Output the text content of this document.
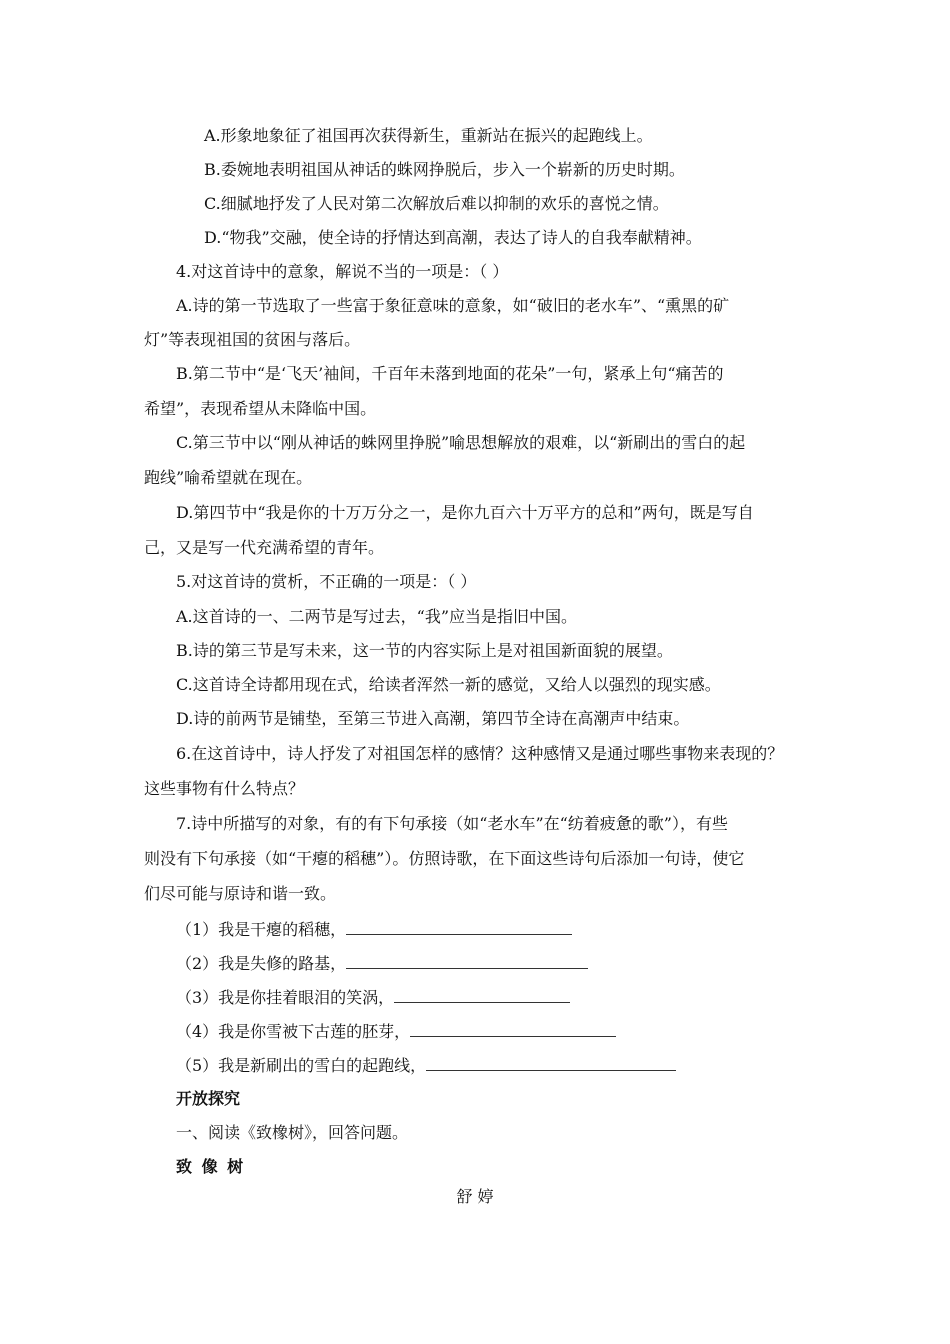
A.形象地象征了祖国再次获得新生，重新站在振兴的起跑线上。
B.委婉地表明祖国从神话的蛛网挣脱后，步入一个崭新的历史时期。
C.细腻地抒发了人民对第二次解放后难以抑制的欢乐的喜悦之情。
D.“物我”交融，使全诗的抒情达到高潮，表达了诗人的自我奉献精神。
4.对这首诗中的意象，解说不当的一项是：（ ）
A.诗的第一节选取了一些富于象征意味的意象，如“破旧的老水车”、“熏黑的矿
灯”等表现祖国的贫困与落后。
B.第二节中“是‘飞天’袖间，千百年未落到地面的花朵”一句，紧承上句“痛苦的
希望”，表现希望从未降临中国。
C.第三节中以“刚从神话的蛛网里挣脱”喻思想解放的艰难，以“新刷出的雪白的起
跑线”喻希望就在现在。
D.第四节中“我是你的十万万分之一，是你九百六十万平方的总和”两句，既是写自
己，又是写一代充满希望的青年。
5.对这首诗的赏析，不正确的一项是：（ ）
A.这首诗的一、二两节是写过去，“我”应当是指旧中国。
B.诗的第三节是写未来，这一节的内容实际上是对祖国新面貌的展望。
C.这首诗全诗都用现在式，给读者浑然一新的感觉，又给人以强烈的现实感。
D.诗的前两节是铺垫，至第三节进入高潮，第四节全诗在高潮声中结束。
6.在这首诗中，诗人抒发了对祖国怎样的感情？这种感情又是通过哪些事物来表现的？
这些事物有什么特点？
7.诗中所描写的对象，有的有下句承接（如“老水车”在“纺着疲惫的歌”），有些
则没有下句承接（如“干瘪的稻穗”）。仿照诗歌，在下面这些诗句后添加一句诗，使它
们尽可能与原诗和谐一致。
（1）我是干瘪的稻穗，
（2）我是失修的路基，
（3）我是你挂着眼泪的笑涡，
（4）我是你雪被下古莲的胚芽，
（5）我是新刷出的雪白的起跑线，
开放探究
一、阅读《致橡树》，回答问题。
致 像 树
舒 婷
